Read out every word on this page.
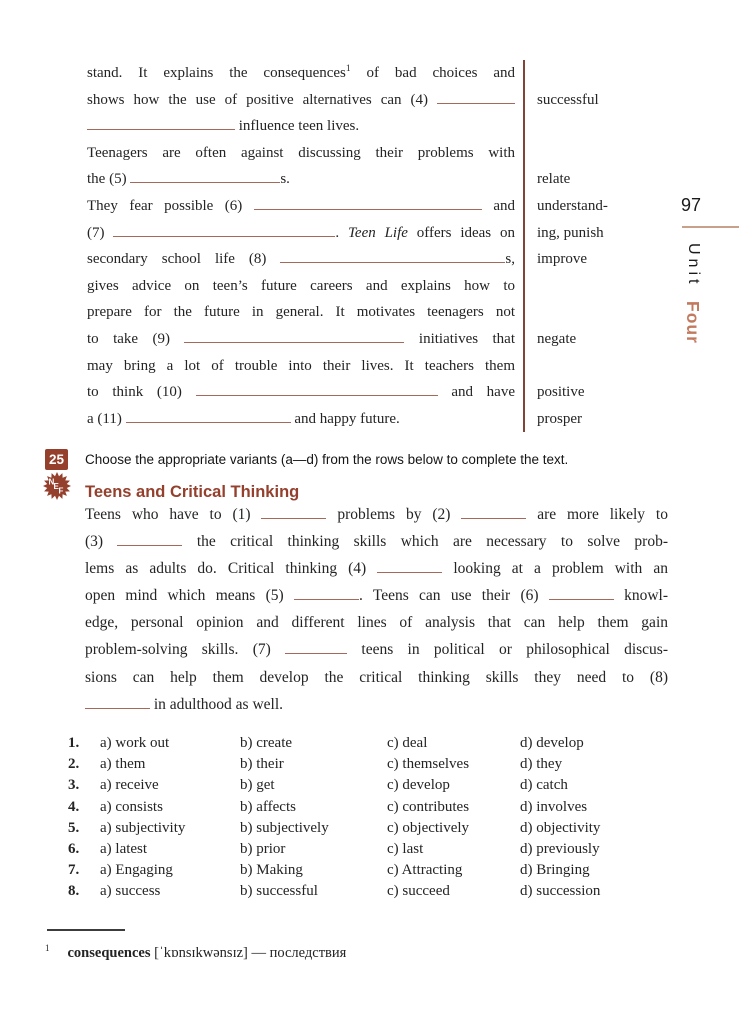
stand. It explains the consequences$^1$ of bad choices and
shows how the use of positive alternatives can (4)
influence teen lives.
Teenagers are often against discussing their problems with
the (5)	s.
They fear possible (6)	and
(7)	. Teen Life offers ideas on
secondary school life (8)	s,
gives advice on teen’s future careers and explains how to
prepare for the future in general. It motivates teenagers not
to take (9)	initiatives that
may bring a lot of trouble into their lives. It teachers them
to think (10)	and have
a (11)	and happy future.
successful
relate
understand-
ing, punish
improve
negate
positive
prosper
97
Unit Four
25 Choose the appropriate variants (a—d) from the rows below to complete the text.
N E F Teens and Critical Thinking
Teens who have to (1)	problems by (2)	are more likely to
(3)	the critical thinking skills which are necessary to solve prob-
lems as adults do. Critical thinking (4)	looking at a problem with an
open mind which means (5)	. Teens can use their (6)	knowl-
edge, personal opinion and different lines of analysis that can help them gain
problem-solving skills. (7)	teens in political or philosophical discus-
sions can help them develop the critical thinking skills they need to (8)
in adulthood as well.
1.	a) work out	b) create	c) deal	d) develop
2.	a) them	b) their	c) themselves	d) they
3.	a) receive	b) get	c) develop	d) catch
4.	a) consists	b) affects	c) contributes	d) involves
5.	a) subjectivity	b) subjectively	c) objectively	d) objectivity
6.	a) latest	b) prior	c) last	d) previously
7.	a) Engaging	b) Making	c) Attracting	d) Bringing
8.	a) success	b) successful	c) succeed	d) succession
$^1$ consequences [ˈkɒnsɪkwənsɪz] — последствия
